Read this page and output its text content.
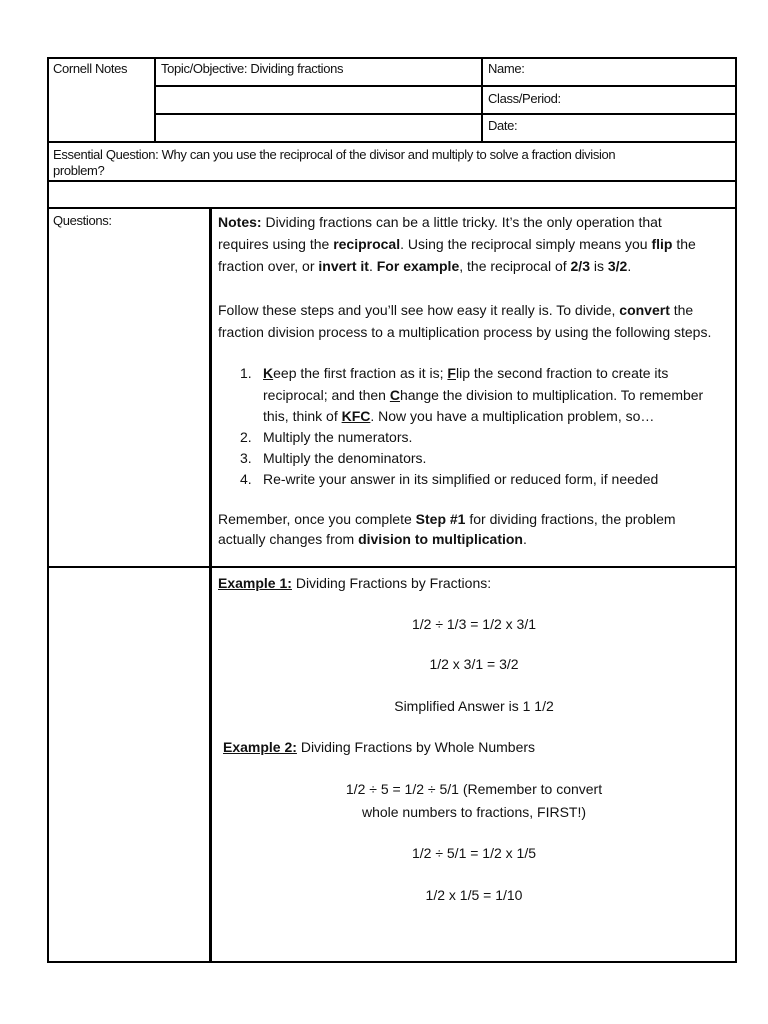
Cornell Notes	Topic/Objective: Dividing fractions	Name:
Class/Period:
Date:
Essential Question: Why can you use the reciprocal of the divisor and multiply to solve a fraction division
problem?
Questions:	Notes: Dividing fractions can be a little tricky. It’s the only operation that
requires using the reciprocal. Using the reciprocal simply means you flip the
fraction over, or invert it. For example, the reciprocal of 2/3 is 3/2.
Follow these steps and you’ll see how easy it really is. To divide, convert the
fraction division process to a multiplication process by using the following steps.
1. Keep the first fraction as it is; Flip the second fraction to create its
reciprocal; and then Change the division to multiplication. To remember
this, think of KFC. Now you have a multiplication problem, so…
2. Multiply the numerators.
3. Multiply the denominators.
4. Re-write your answer in its simplified or reduced form, if needed
Remember, once you complete Step #1 for dividing fractions, the problem
actually changes from division to multiplication.
Example 1: Dividing Fractions by Fractions:
1/2 ÷ 1/3 = 1/2 x 3/1
1/2 x 3/1 = 3/2
Simplified Answer is 1 1/2
Example 2: Dividing Fractions by Whole Numbers
1/2 ÷ 5 = 1/2 ÷ 5/1 (Remember to convert
whole numbers to fractions, FIRST!)
1/2 ÷ 5/1 = 1/2 x 1/5
1/2 x 1/5 = 1/10
